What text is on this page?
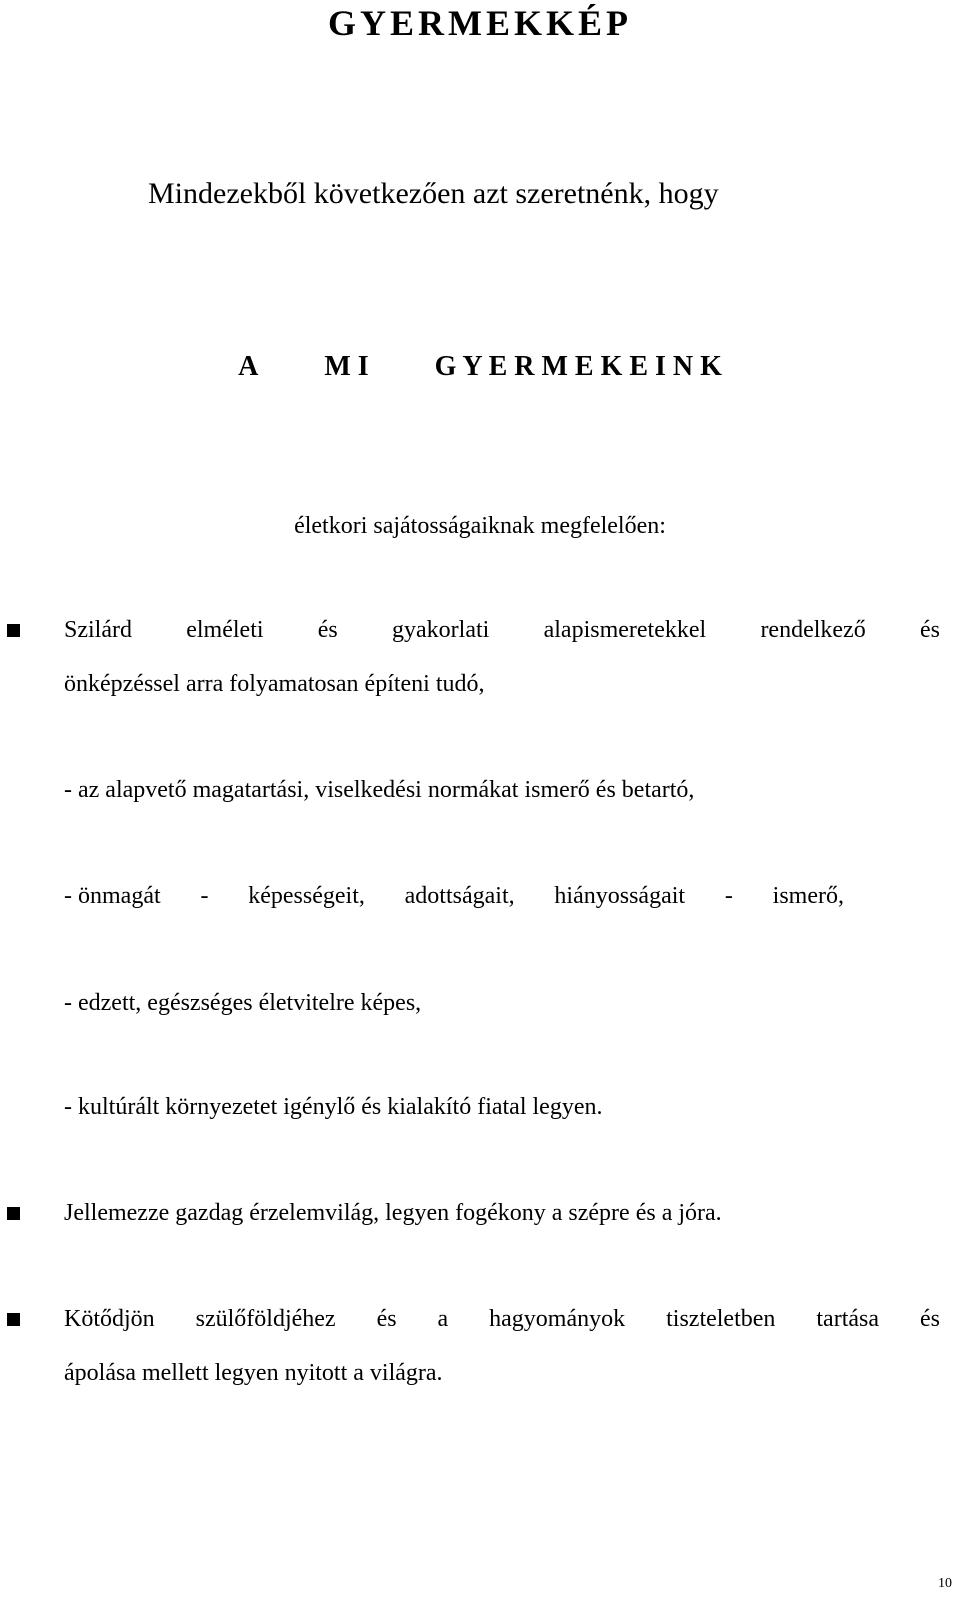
GYERMEKKÉP
Mindezekből következően azt szeretnénk, hogy
A M I G Y E R M E K E I N K
életkori sajátosságaiknak megfelelően:
Szilárd elméleti és gyakorlati alapismeretekkel rendelkező és
önképzéssel arra folyamatosan építeni tudó,
- az alapvető magatartási, viselkedési normákat ismerő és betartó,
- önmagát - képességeit, adottságait, hiányosságait - ismerő,
- edzett, egészséges életvitelre képes,
- kultúrált környezetet igénylő és kialakító fiatal legyen.
Jellemezze gazdag érzelemvilág, legyen fogékony a szépre és a jóra.
Kötődjön szülőföldjéhez és a hagyományok tiszteletben tartása és
ápolása mellett legyen nyitott a világra.
10
